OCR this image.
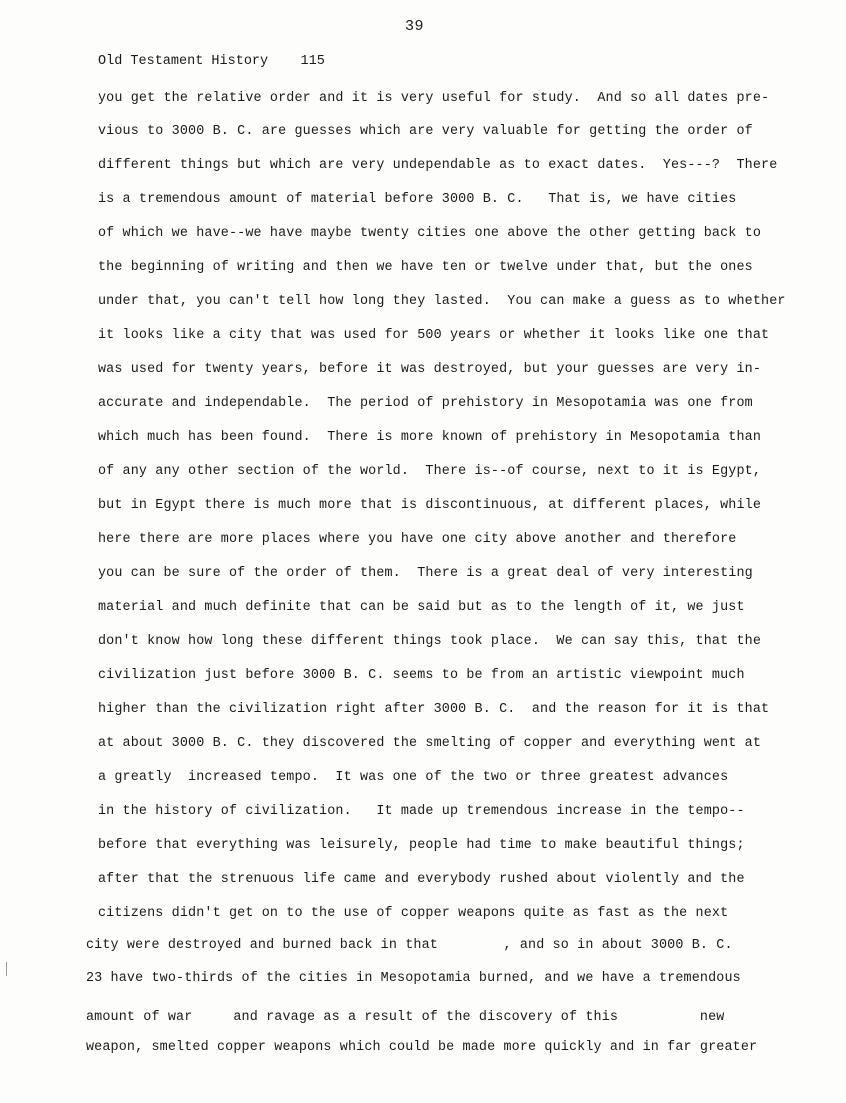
39
Old Testament History    115
you get the relative order and it is very useful for study.  And so all dates pre-
vious to 3000 B. C. are guesses which are very valuable for getting the order of
different things but which are very undependable as to exact dates.  Yes---?  There
is a tremendous amount of material before 3000 B. C.   That is, we have cities
of which we have--we have maybe twenty cities one above the other getting back to
the beginning of writing and then we have ten or twelve under that, but the ones
under that, you can't tell how long they lasted.  You can make a guess as to whether
it looks like a city that was used for 500 years or whether it looks like one that
was used for twenty years, before it was destroyed, but your guesses are very in-
accurate and independable.  The period of prehistory in Mesopotamia was one from
which much has been found.  There is more known of prehistory in Mesopotamia than
of any any other section of the world.  There is--of course, next to it is Egypt,
but in Egypt there is much more that is discontinuous, at different places, while
here there are more places where you have one city above another and therefore
you can be sure of the order of them.  There is a great deal of very interesting
material and much definite that can be said but as to the length of it, we just
don't know how long these different things took place.  We can say this, that the
civilization just before 3000 B. C. seems to be from an artistic viewpoint much
higher than the civilization right after 3000 B. C.  and the reason for it is that
at about 3000 B. C. they discovered the smelting of copper and everything went at
a greatly  increased tempo.  It was one of the two or three greatest advances
in the history of civilization.   It made up tremendous increase in the tempo--
before that everything was leisurely, people had time to make beautiful things;
after that the strenuous life came and everybody rushed about violently and the
citizens didn't get on to the use of copper weapons quite as fast as the next
city were destroyed and burned back in that        , and so in about 3000 B. C.
23 have two-thirds of the cities in Mesopotamia burned, and we have a tremendous
amount of war     and ravage as a result of the discovery of this          new
weapon, smelted copper weapons which could be made more quickly and in far greater
